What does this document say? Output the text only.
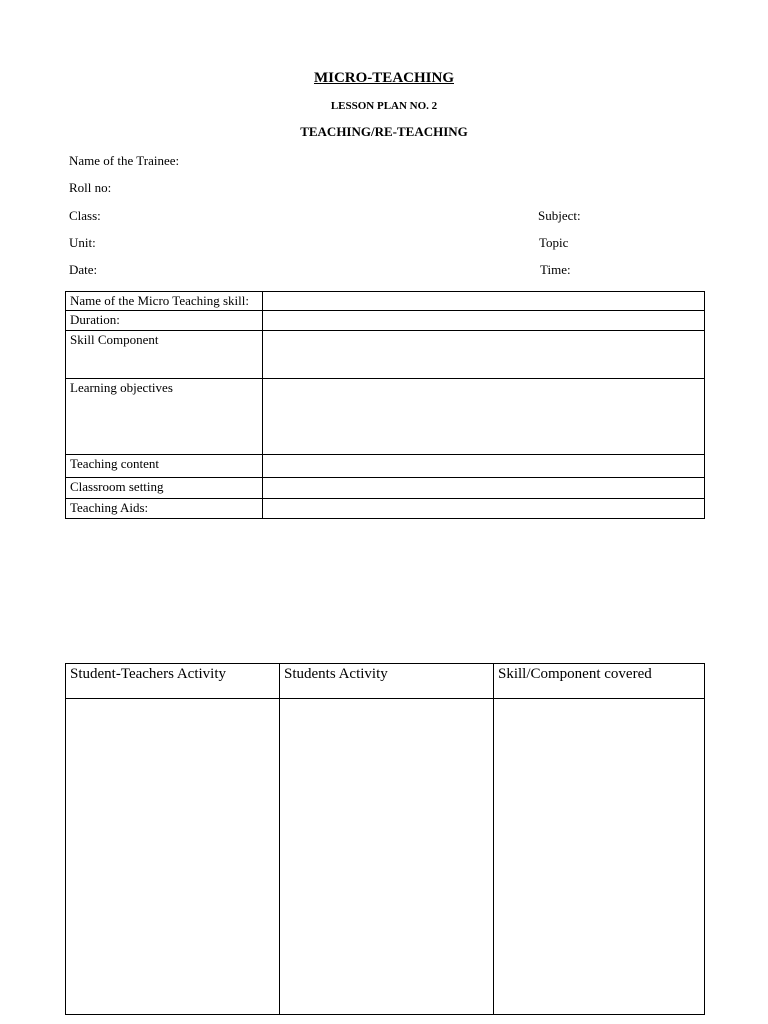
MICRO-TEACHING
LESSON PLAN NO. 2
TEACHING/RE-TEACHING
Name of the Trainee:
Roll no:
Class:	Subject:
Unit:	Topic
Date:	Time:
Name of the Micro Teaching skill:	
Duration:	
Skill Component	
Learning objectives	
Teaching content	
Classroom setting	
Teaching Aids:	
Student-Teachers Activity	Students Activity	Skill/Component covered
